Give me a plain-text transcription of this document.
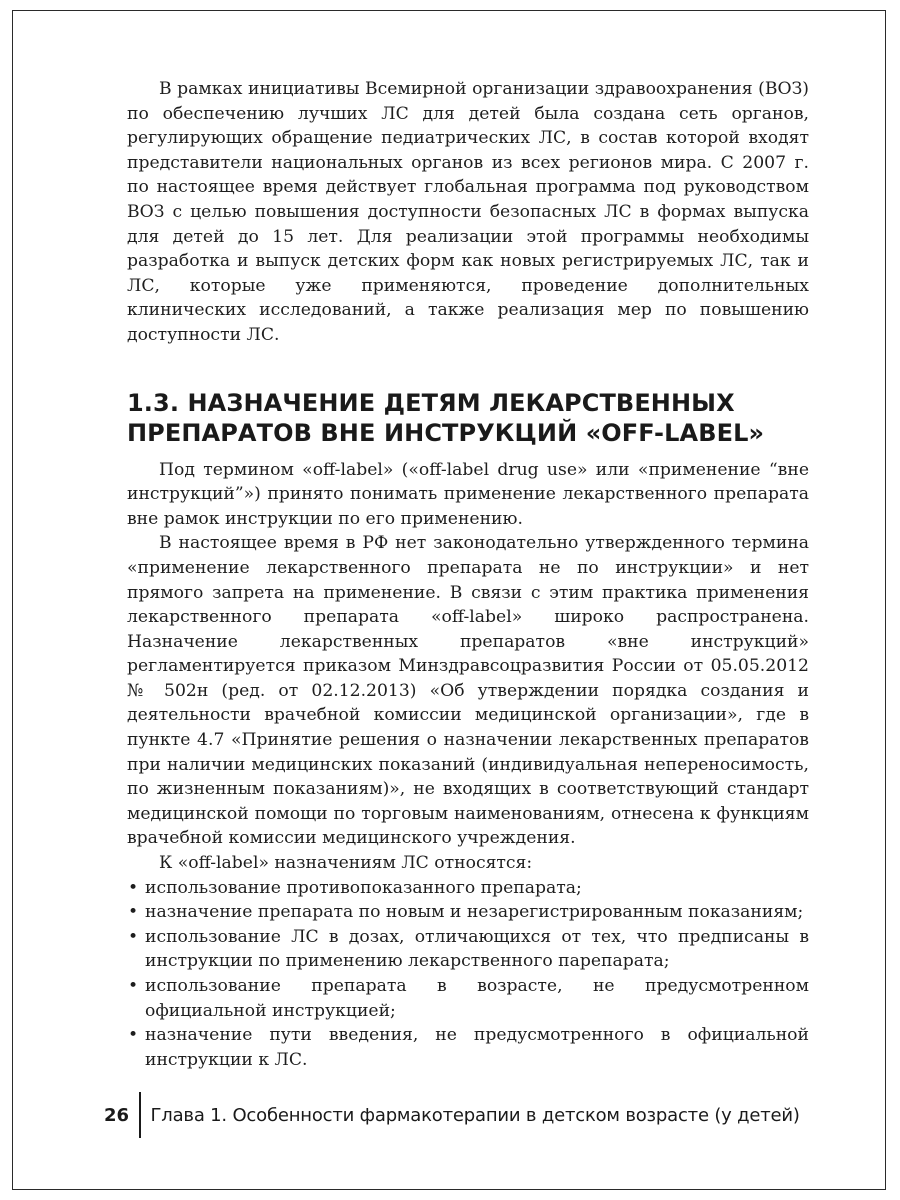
В рамках инициативы Всемирной организации здравоохранения (ВОЗ) по обеспечению лучших ЛС для детей была создана сеть органов, регулирующих обращение педиатрических ЛС, в состав которой входят представители национальных органов из всех регионов мира. С 2007 г. по настоящее время действует глобальная программа под руководством ВОЗ с целью повышения доступности безопасных ЛС в формах выпуска для детей до 15 лет. Для реализации этой программы необходимы разработка и выпуск детских форм как новых регистрируемых ЛС, так и ЛС, которые уже применяются, проведение дополнительных клинических исследований, а также реализация мер по повышению доступности ЛС.

1.3. НАЗНАЧЕНИЕ ДЕТЯМ ЛЕКАРСТВЕННЫХ
ПРЕПАРАТОВ ВНЕ ИНСТРУКЦИЙ «OFF-LABEL»

Под термином «off-label» («off-label drug use» или «применение “вне инструкций”») принято понимать применение лекарственного препарата вне рамок инструкции по его применению.

В настоящее время в РФ нет законодательно утвержденного термина «применение лекарственного препарата не по инструкции» и нет прямого запрета на применение. В связи с этим практика применения лекарственного препарата «off-label» широко распространена. Назначение лекарственных препаратов «вне инструкций» регламентируется приказом Минздравсоцразвития России от 05.05.2012 № 502н (ред. от 02.12.2013) «Об утверждении порядка создания и деятельности врачебной комиссии медицинской организации», где в пункте 4.7 «Принятие решения о назначении лекарственных препаратов при наличии медицинских показаний (индивидуальная непереносимость, по жизненным показаниям)», не входящих в соответствующий стандарт медицинской помощи по торговым наименованиям, отнесена к функциям врачебной комиссии медицинского учреждения.

К «off-label» назначениям ЛС относятся:

• использование противопоказанного препарата;
• назначение препарата по новым и незарегистрированным показаниям;
• использование ЛС в дозах, отличающихся от тех, что предписаны в инструкции по применению лекарственного парепарата;
• использование препарата в возрасте, не предусмотренном официальной инструкцией;
• назначение пути введения, не предусмотренного в официальной инструкции к ЛС.
26	Глава 1. Особенности фармакотерапии в детском возрасте (у детей)
